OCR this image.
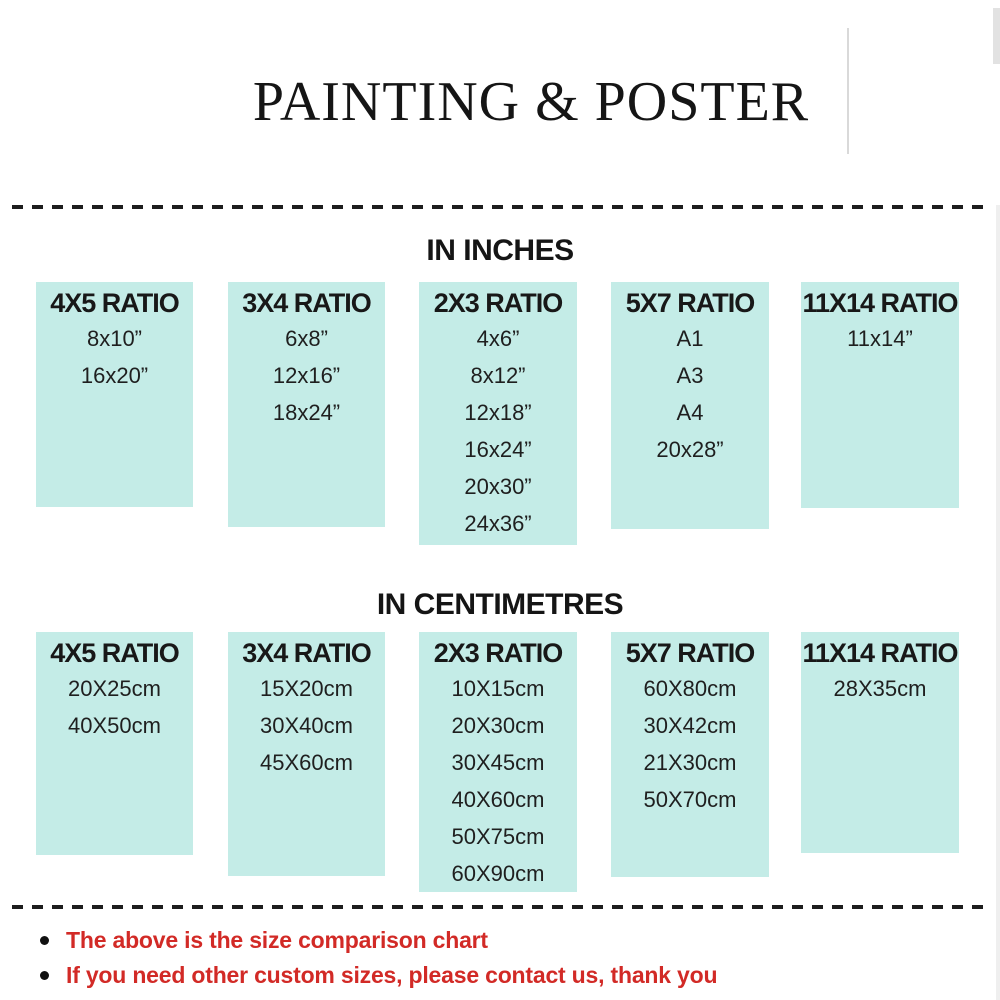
PAINTING & POSTER
IN INCHES
4X5 RATIO
8x10”
16x20”
3X4 RATIO
6x8”
12x16”
18x24”
2X3 RATIO
4x6”
8x12”
12x18”
16x24”
20x30”
24x36”
5X7 RATIO
A1
A3
A4
20x28”
11X14 RATIO
11x14”
IN CENTIMETRES
4X5 RATIO
20X25cm
40X50cm
3X4 RATIO
15X20cm
30X40cm
45X60cm
2X3 RATIO
10X15cm
20X30cm
30X45cm
40X60cm
50X75cm
60X90cm
5X7 RATIO
60X80cm
30X42cm
21X30cm
50X70cm
11X14 RATIO
28X35cm
The above is the size comparison chart
If you need other custom sizes, please contact us, thank you
